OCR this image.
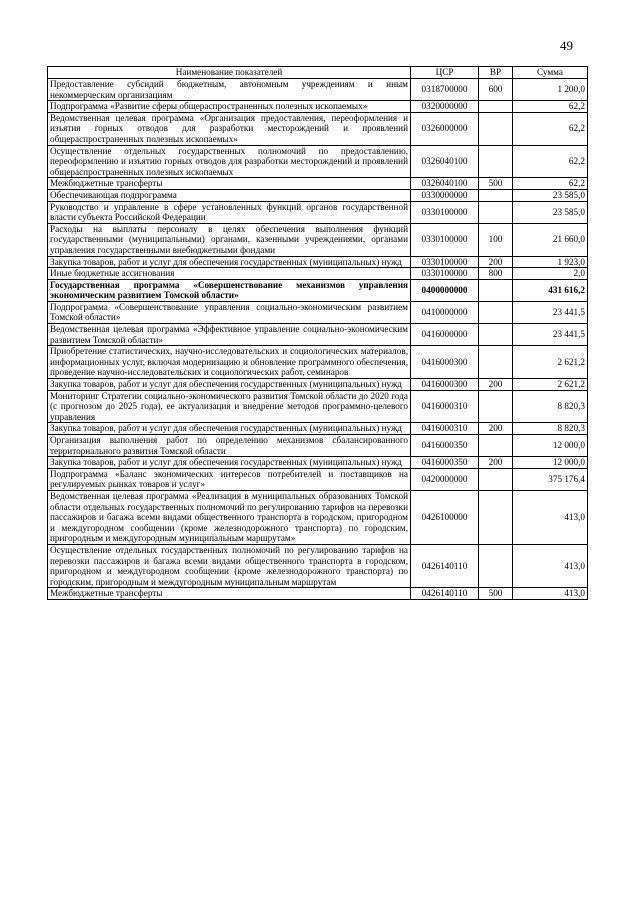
49
Наименование показателей	ЦСР	ВР	Сумма
Предоставление субсидий бюджетным, автономным учреждениям и иным некоммерческим организациям	0318700000	600	1 200,0
Подпрограмма «Развитие сферы общераспространенных полезных ископаемых»	0320000000		62,2
Ведомственная целевая программа «Организация предоставления, переоформления и изъятия горных отводов для разработки месторождений и проявлений общераспространенных полезных ископаемых»	0326000000		62,2
Осуществление отдельных государственных полномочий по предоставлению, переоформлению и изъятию горных отводов для разработки месторождений и проявлений общераспространенных полезных ископаемых	0326040100		62,2
Межбюджетные трансферты	0326040100	500	62,2
Обеспечивающая подпрограмма	0330000000		23 585,0
Руководство и управление в сфере установленных функций органов государственной власти субъекта Российской Федерации	0330100000		23 585,0
Расходы на выплаты персоналу в целях обеспечения выполнения функций государственными (муниципальными) органами, казенными учреждениями, органами управления государственными внебюджетными фондами	0330100000	100	21 660,0
Закупка товаров, работ и услуг для обеспечения государственных (муниципальных) нужд	0330100000	200	1 923,0
Иные бюджетные ассигнования	0330100000	800	2,0
Государственная программа «Совершенствование механизмов управления экономическим развитием Томской области»	0400000000		431 616,2
Подпрограмма «Совершенствование управления социально-экономическим развитием Томской области»	0410000000		23 441,5
Ведомственная целевая программа «Эффективное управление социально-экономическим развитием Томской области»	0416000000		23 441,5
Приобретение статистических, научно-исследовательских и социологических материалов, информационных услуг, включая модернизацию и обновление программного обеспечения, проведение научно-исследовательских и социологических работ, семинаров	0416000300		2 621,2
Закупка товаров, работ и услуг для обеспечения государственных (муниципальных) нужд	0416000300	200	2 621,2
Мониторинг Стратегии социально-экономического развития Томской области до 2020 года (с прогнозом до 2025 года), ее актуализация и внедрение методов программно-целевого управления	0416000310		8 820,3
Закупка товаров, работ и услуг для обеспечения государственных (муниципальных) нужд	0416000310	200	8 820,3
Организация выполнения работ по определению механизмов сбалансированного территориального развития Томской области	0416000350		12 000,0
Закупка товаров, работ и услуг для обеспечения государственных (муниципальных) нужд	0416000350	200	12 000,0
Подпрограмма «Баланс экономических интересов потребителей и поставщиков на регулируемых рынках товаров и услуг»	0420000000		375 176,4
Ведомственная целевая программа «Реализация в муниципальных образованиях Томской области отдельных государственных полномочий по регулированию тарифов на перевозки пассажиров и багажа всеми видами общественного транспорта в городском, пригородном и междугородном сообщении (кроме железнодорожного транспорта) по городским, пригородным и междугородным муниципальным маршрутам»	0426100000		413,0
Осуществление отдельных государственных полномочий по регулированию тарифов на перевозки пассажиров и багажа всеми видами общественного транспорта в городском, пригородном и междугородном сообщении (кроме железнодорожного транспорта) по городским, пригородным и междугородным муниципальным маршрутам	0426140110		413,0
Межбюджетные трансферты	0426140110	500	413,0
